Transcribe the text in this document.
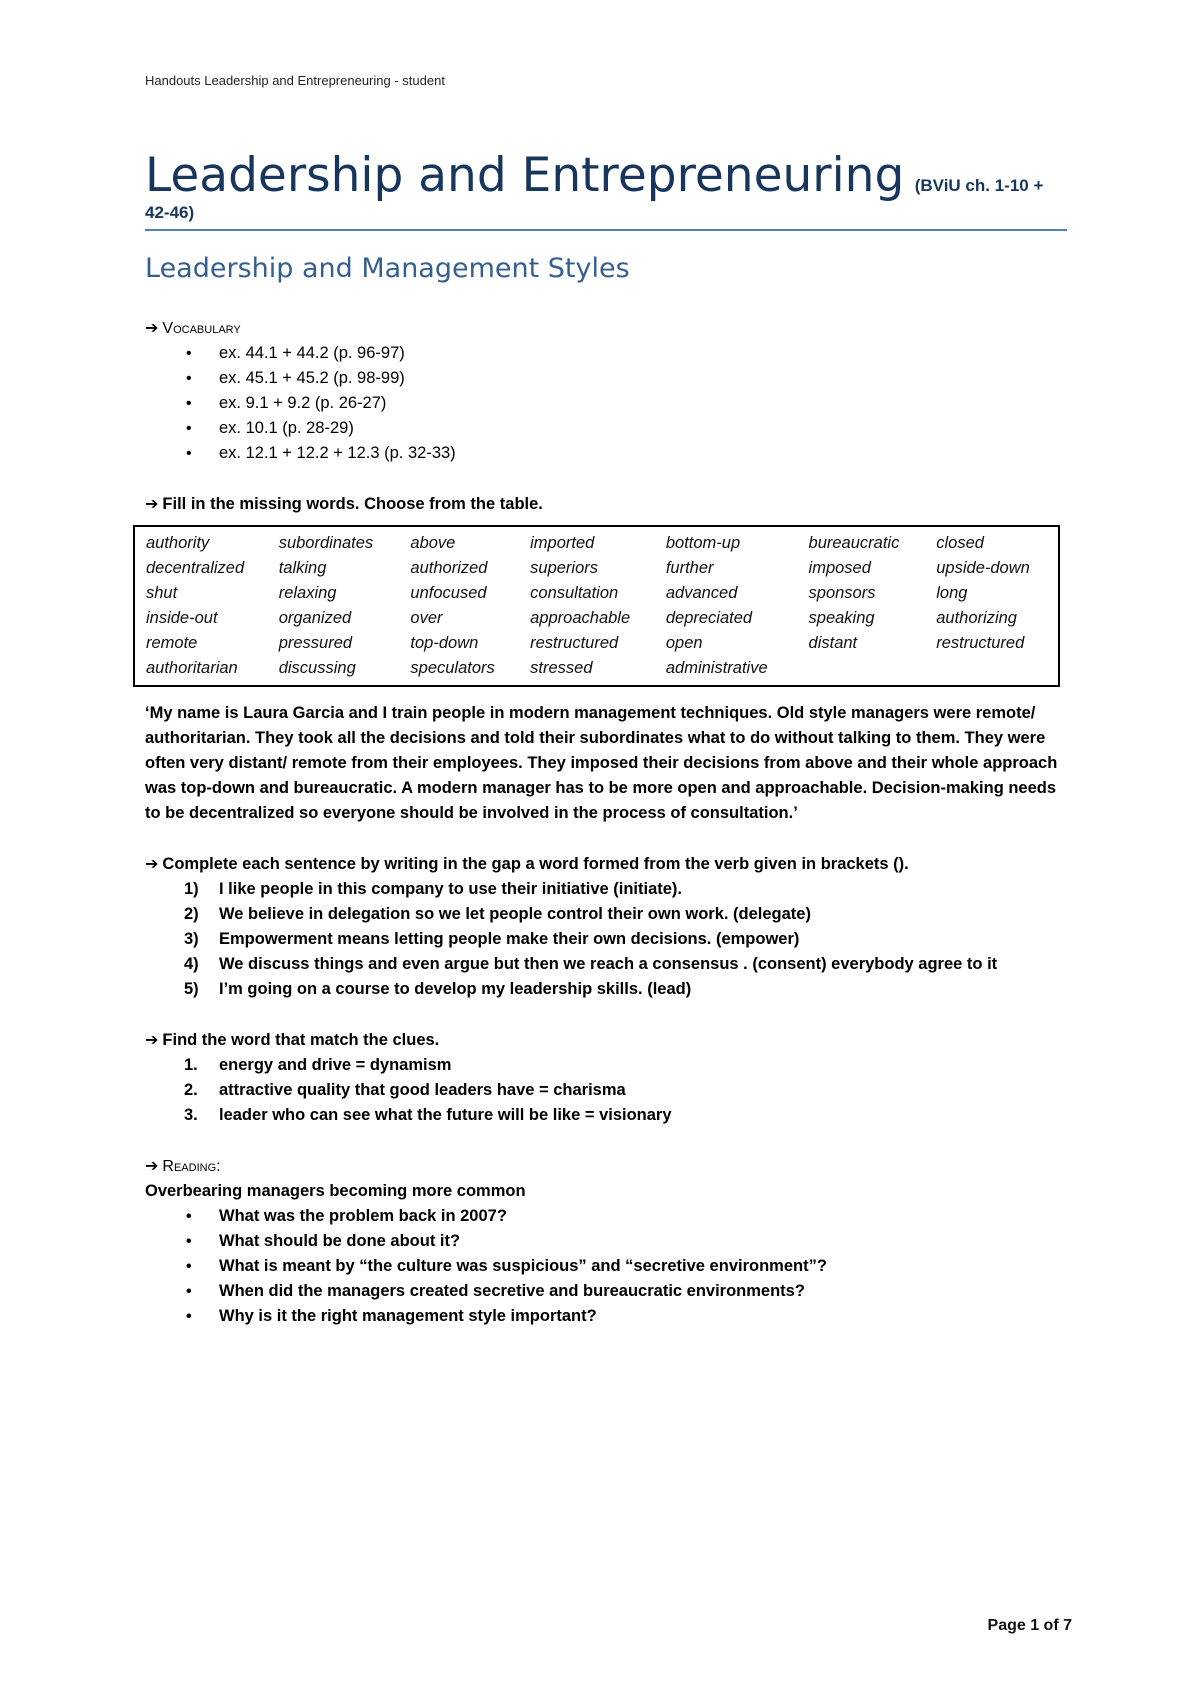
Handouts Leadership and Entrepreneuring - student
Leadership and Entrepreneuring (BViU ch. 1-10 + 42-46)
Leadership and Management Styles
➔ Vocabulary
• ex. 44.1 + 44.2 (p. 96-97)
• ex. 45.1 + 45.2 (p. 98-99)
• ex. 9.1 + 9.2 (p. 26-27)
• ex. 10.1 (p. 28-29)
• ex. 12.1 + 12.2 + 12.3 (p. 32-33)
➔ Fill in the missing words. Choose from the table.
authority	subordinates	above	imported	bottom-up	bureaucratic	closed
decentralized	talking	authorized	superiors	further	imposed	upside-down
shut	relaxing	unfocused	consultation	advanced	sponsors	long
inside-out	organized	over	approachable	depreciated	speaking	authorizing
remote	pressured	top-down	restructured	open	distant	restructured
authoritarian	discussing	speculators	stressed	administrative		
‘My name is Laura Garcia and I train people in modern management techniques. Old style managers were remote/ authoritarian. They took all the decisions and told their subordinates what to do without talking to them. They were often very distant/ remote from their employees. They imposed their decisions from above and their whole approach was top-down and bureaucratic. A modern manager has to be more open and approachable. Decision-making needs to be decentralized so everyone should be involved in the process of consultation.’
➔ Complete each sentence by writing in the gap a word formed from the verb given in brackets ().
1) I like people in this company to use their initiative (initiate).
2) We believe in delegation so we let people control their own work. (delegate)
3) Empowerment means letting people make their own decisions. (empower)
4) We discuss things and even argue but then we reach a consensus . (consent) everybody agree to it
5) I’m going on a course to develop my leadership skills. (lead)
➔ Find the word that match the clues.
1. energy and drive = dynamism
2. attractive quality that good leaders have = charisma
3. leader who can see what the future will be like = visionary
➔ Reading:
Overbearing managers becoming more common
• What was the problem back in 2007?
• What should be done about it?
• What is meant by “the culture was suspicious” and “secretive environment”?
• When did the managers created secretive and bureaucratic environments?
• Why is it the right management style important?
Page 1 of 7
